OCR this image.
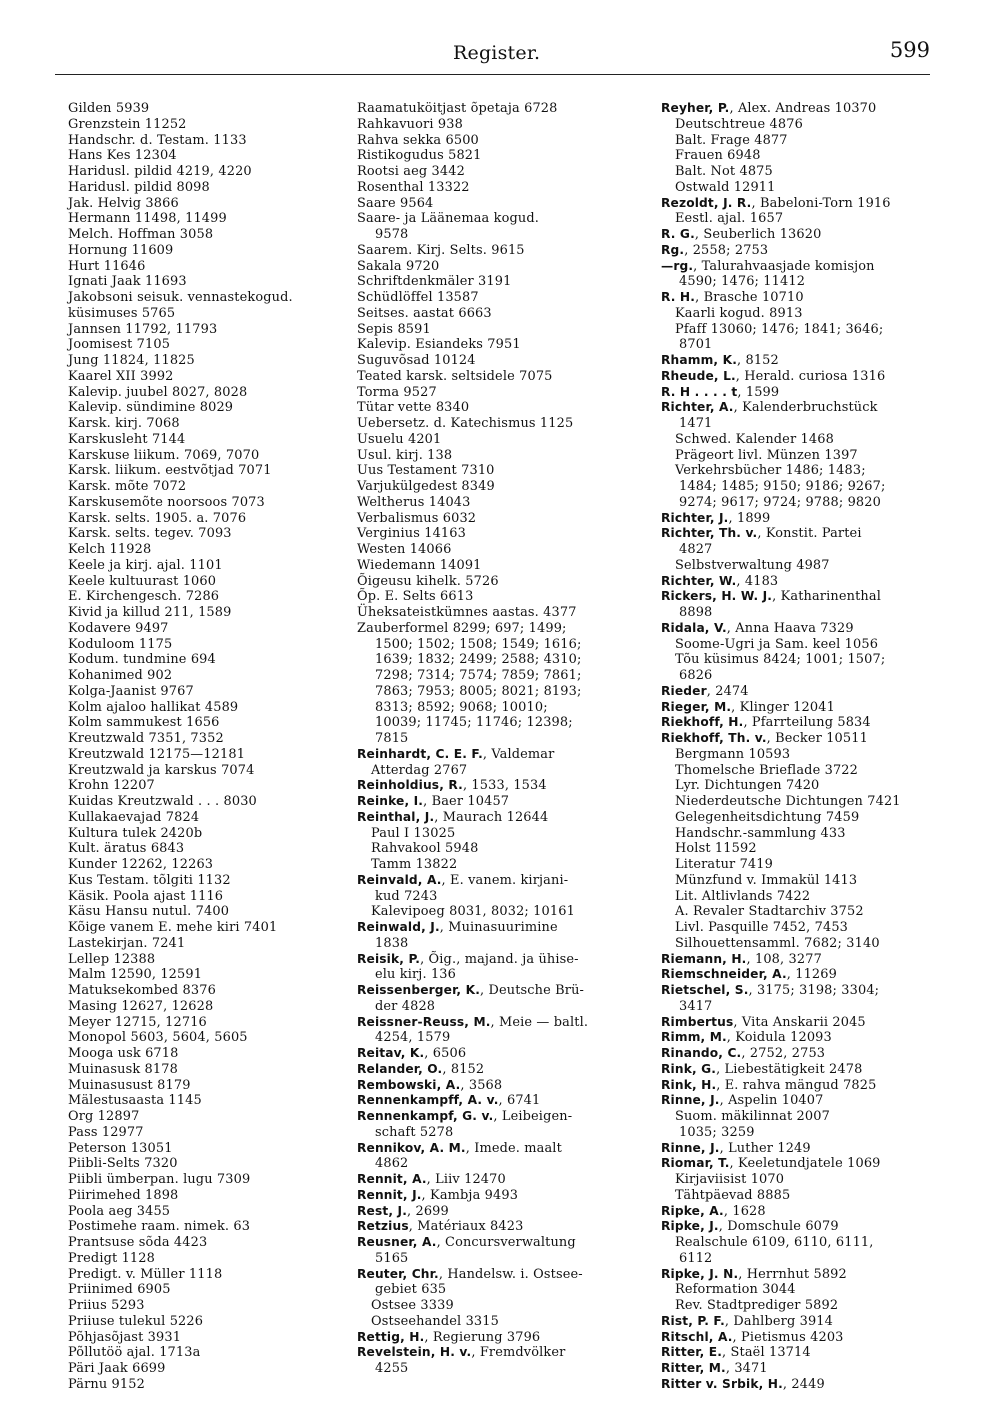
Register.	599
Gilden 5939
Grenzstein 11252
Handschr. d. Testam. 1133
Hans Kes 12304
Haridusl. pildid 4219, 4220
Haridusl. pildid 8098
Jak. Helvig 3866
Hermann 11498, 11499
Melch. Hoffman 3058
Hornung 11609
Hurt 11646
Ignati Jaak 11693
Jakobsoni seisuk. vennastekogud.
küsimuses 5765
Jannsen 11792, 11793
Joomisest 7105
Jung 11824, 11825
Kaarel XII 3992
Kalevip. juubel 8027, 8028
Kalevip. sündimine 8029
Karsk. kirj. 7068
Karskusleht 7144
Karskuse liikum. 7069, 7070
Karsk. liikum. eestvõtjad 7071
Karsk. mõte 7072
Karskusemõte noorsoos 7073
Karsk. selts. 1905. a. 7076
Karsk. selts. tegev. 7093
Kelch 11928
Keele ja kirj. ajal. 1101
Keele kultuurast 1060
E. Kirchengesch. 7286
Kivid ja killud 211, 1589
Kodavere 9497
Koduloom 1175
Kodum. tundmine 694
Kohanimed 902
Kolga-Jaanist 9767
Kolm ajaloo hallikat 4589
Kolm sammukest 1656
Kreutzwald 7351, 7352
Kreutzwald 12175—12181
Kreutzwald ja karskus 7074
Krohn 12207
Kuidas Kreutzwald . . . 8030
Kullakaevajad 7824
Kultura tulek 2420b
Kult. äratus 6843
Kunder 12262, 12263
Kus Testam. tõlgiti 1132
Käsik. Poola ajast 1116
Käsu Hansu nutul. 7400
Kõige vanem E. mehe kiri 7401
Lastekirjan. 7241
Lellep 12388
Malm 12590, 12591
Matuksekombed 8376
Masing 12627, 12628
Meyer 12715, 12716
Monopol 5603, 5604, 5605
Mooga usk 6718
Muinasusk 8178
Muinasusust 8179
Mälestusaasta 1145
Org 12897
Pass 12977
Peterson 13051
Piibli-Selts 7320
Piibli ümberpan. lugu 7309
Piirimehed 1898
Poola aeg 3455
Postimehe raam. nimek. 63
Prantsuse sõda 4423
Predigt 1128
Predigt. v. Müller 1118
Priinimed 6905
Priius 5293
Priiuse tulekul 5226
Põhjasõjast 3931
Põllutöö ajal. 1713a
Päri Jaak 6699
Pärnu 9152
Raamatuköitjast õpetaja 6728
Rahkavuori 938
Rahva sekka 6500
Ristikogudus 5821
Rootsi aeg 3442
Rosenthal 13322
Saare 9564
Saare- ja Läänemaa kogud.
9578
Saarem. Kirj. Selts. 9615
Sakala 9720
Schriftdenkmäler 3191
Schüdlöffel 13587
Seitses. aastat 6663
Sepis 8591
Kalevip. Esiandeks 7951
Suguvõsad 10124
Teated karsk. seltsidele 7075
Torma 9527
Tütar vette 8340
Uebersetz. d. Katechismus 1125
Usuelu 4201
Usul. kirj. 138
Uus Testament 7310
Varjukülgedest 8349
Weltherus 14043
Verbalismus 6032
Verginius 14163
Westen 14066
Wiedemann 14091
Õigeusu kihelk. 5726
Õp. E. Selts 6613
Üheksateistkümnes aastas. 4377
Zauberformel 8299; 697; 1499;
1500; 1502; 1508; 1549; 1616;
1639; 1832; 2499; 2588; 4310;
7298; 7314; 7574; 7859; 7861;
7863; 7953; 8005; 8021; 8193;
8313; 8592; 9068; 10010;
10039; 11745; 11746; 12398;
7815
Reinhardt, C. E. F., Valdemar
Atterdag 2767
Reinholdius, R., 1533, 1534
Reinke, I., Baer 10457
Reinthal, J., Maurach 12644
Paul I 13025
Rahvakool 5948
Tamm 13822
Reinvald, A., E. vanem. kirjani-
kud 7243
Kalevipoeg 8031, 8032; 10161
Reinwald, J., Muinasuurimine
1838
Reisik, P., Õig., majand. ja ühise-
elu kirj. 136
Reissenberger, K., Deutsche Brü-
der 4828
Reissner-Reuss, M., Meie — baltl.
4254, 1579
Reitav, K., 6506
Relander, O., 8152
Rembowski, A., 3568
Rennenkampff, A. v., 6741
Rennenkampf, G. v., Leibeigen-
schaft 5278
Rennikov, A. M., Imede. maalt
4862
Rennit, A., Liiv 12470
Rennit, J., Kambja 9493
Rest, J., 2699
Retzius, Matériaux 8423
Reusner, A., Concursverwaltung
5165
Reuter, Chr., Handelsw. i. Ostsee-
gebiet 635
Ostsee 3339
Ostseehandel 3315
Rettig, H., Regierung 3796
Revelstein, H. v., Fremdvölker
4255
Reyher, P., Alex. Andreas 10370
Deutschtreue 4876
Balt. Frage 4877
Frauen 6948
Balt. Not 4875
Ostwald 12911
Rezoldt, J. R., Babeloni-Torn 1916
Eestl. ajal. 1657
R. G., Seuberlich 13620
Rg., 2558; 2753
—rg., Talurahvaasjade komisjon
4590; 1476; 11412
R. H., Brasche 10710
Kaarli kogud. 8913
Pfaff 13060; 1476; 1841; 3646;
8701
Rhamm, K., 8152
Rheude, L., Herald. curiosa 1316
R. H . . . . t, 1599
Richter, A., Kalenderbruchstück
1471
Schwed. Kalender 1468
Prägeort livl. Münzen 1397
Verkehrsbücher 1486; 1483;
1484; 1485; 9150; 9186; 9267;
9274; 9617; 9724; 9788; 9820
Richter, J., 1899
Richter, Th. v., Konstit. Partei
4827
Selbstverwaltung 4987
Richter, W., 4183
Rickers, H. W. J., Katharinenthal
8898
Ridala, V., Anna Haava 7329
Soome-Ugri ja Sam. keel 1056
Tõu küsimus 8424; 1001; 1507;
6826
Rieder, 2474
Rieger, M., Klinger 12041
Riekhoff, H., Pfarrteilung 5834
Riekhoff, Th. v., Becker 10511
Bergmann 10593
Thomelsche Brieflade 3722
Lyr. Dichtungen 7420
Niederdeutsche Dichtungen 7421
Gelegenheitsdichtung 7459
Handschr.-sammlung 433
Holst 11592
Literatur 7419
Münzfund v. Immakül 1413
Lit. Altlivlands 7422
A. Revaler Stadtarchiv 3752
Livl. Pasquille 7452, 7453
Silhouettensamml. 7682; 3140
Riemann, H., 108, 3277
Riemschneider, A., 11269
Rietschel, S., 3175; 3198; 3304;
3417
Rimbertus, Vita Anskarii 2045
Rimm, M., Koidula 12093
Rinando, C., 2752, 2753
Rink, G., Liebestätigkeit 2478
Rink, H., E. rahva mängud 7825
Rinne, J., Aspelin 10407
Suom. mäkilinnat 2007
1035; 3259
Rinne, J., Luther 1249
Riomar, T., Keeletundjatele 1069
Kirjaviisist 1070
Tähtpäevad 8885
Ripke, A., 1628
Ripke, J., Domschule 6079
Realschule 6109, 6110, 6111,
6112
Ripke, J. N., Herrnhut 5892
Reformation 3044
Rev. Stadtprediger 5892
Rist, P. F., Dahlberg 3914
Ritschl, A., Pietismus 4203
Ritter, E., Staël 13714
Ritter, M., 3471
Ritter v. Srbik, H., 2449
